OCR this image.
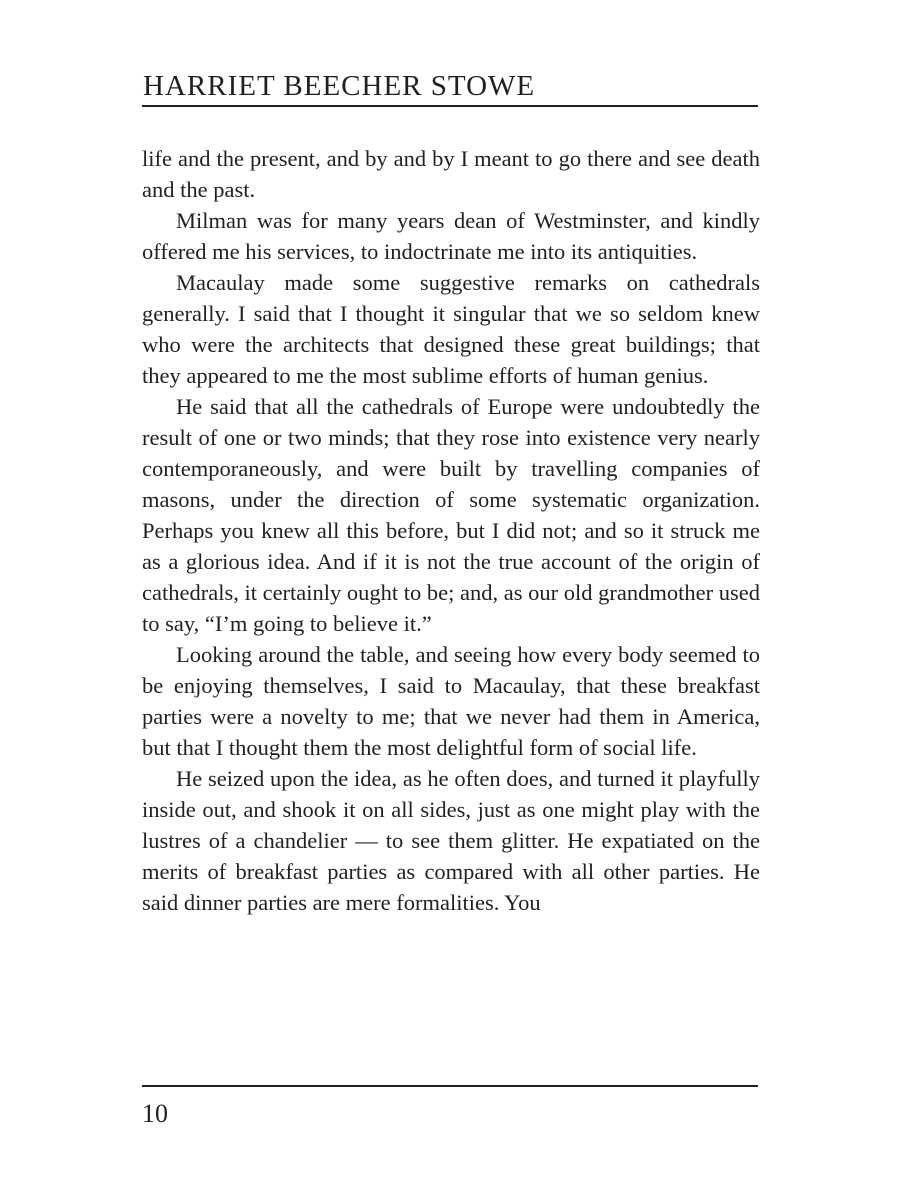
HARRIET BEECHER STOWE

life and the present, and by and by I meant to go there and see death and the past.

Milman was for many years dean of Westminster, and kindly offered me his services, to indoctrinate me into its antiquities.

Macaulay made some suggestive remarks on cathedrals generally. I said that I thought it singular that we so seldom knew who were the architects that designed these great buildings; that they appeared to me the most sublime efforts of human genius.

He said that all the cathedrals of Europe were undoubtedly the result of one or two minds; that they rose into existence very nearly contemporaneously, and were built by travelling companies of masons, under the direction of some systematic organization. Perhaps you knew all this before, but I did not; and so it struck me as a glorious idea. And if it is not the true account of the origin of cathedrals, it certainly ought to be; and, as our old grandmother used to say, “I’m going to believe it.”

Looking around the table, and seeing how every body seemed to be enjoying themselves, I said to Macaulay, that these breakfast parties were a novelty to me; that we never had them in America, but that I thought them the most delightful form of social life.

He seized upon the idea, as he often does, and turned it playfully inside out, and shook it on all sides, just as one might play with the lustres of a chandelier — to see them glitter. He expatiated on the merits of breakfast parties as compared with all other parties. He said dinner parties are mere formalities. You

10
